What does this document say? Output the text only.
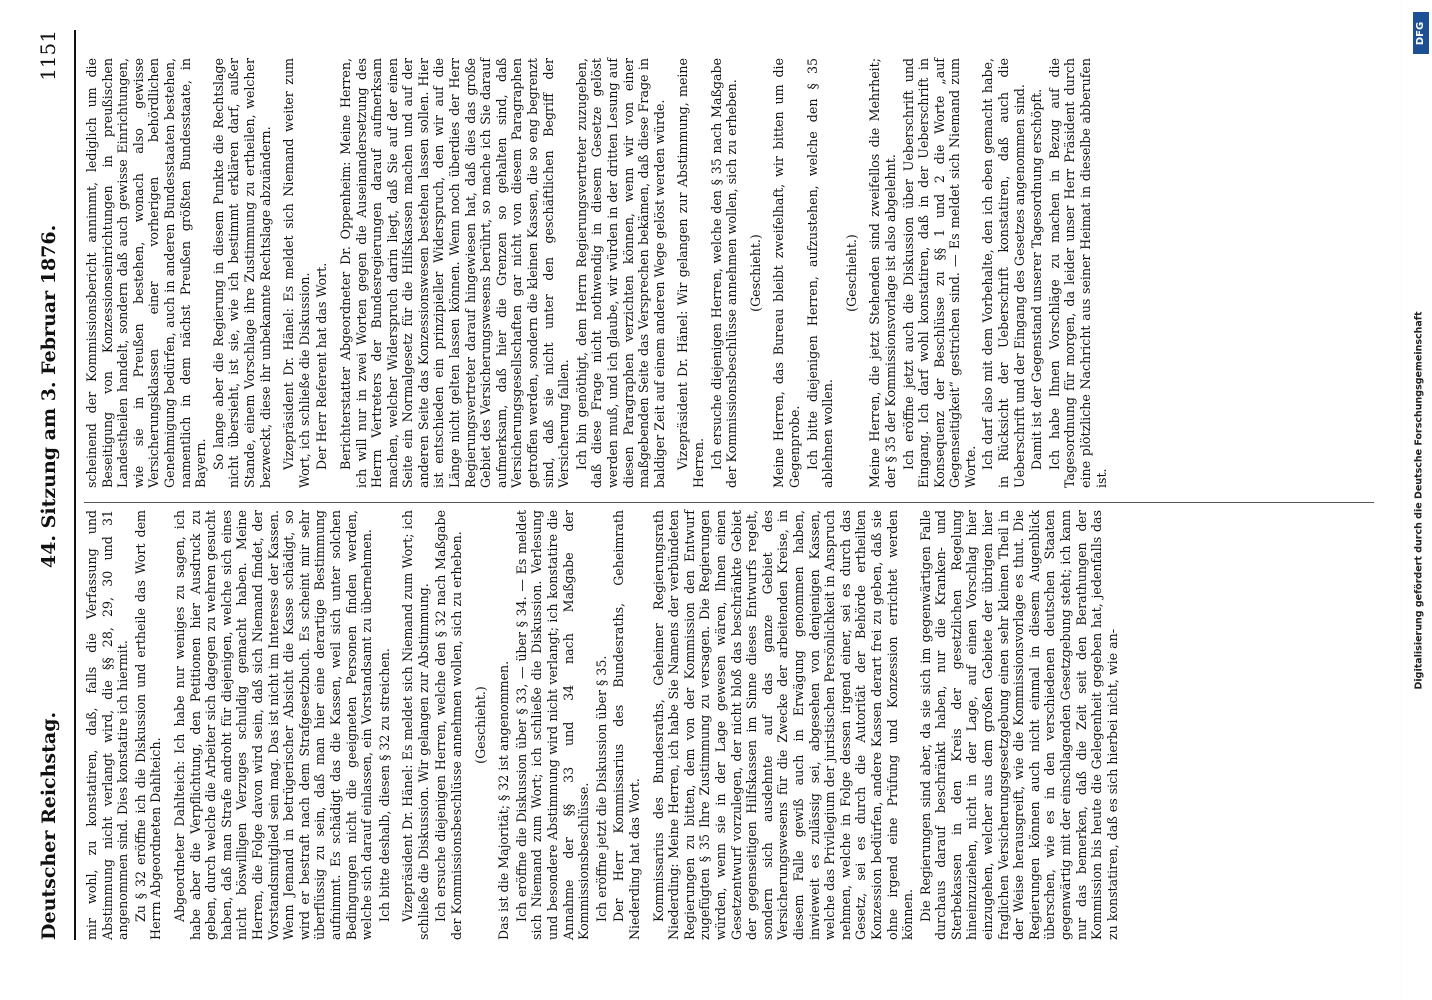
Deutscher Reichstag.
44. Sitzung am 3. Februar 1876.
1151

mir wohl, zu konstatiren, daß, falls die Verfassung und Abstimmung nicht verlangt wird, die §§ 28, 29, 30 und 31 angenommen sind. Dies konstatire ich hiermit. Zu § 32 eröffne ich die Diskussion und ertheile das Wort dem Herrn Abgeordneten Dahlteich. Abgeordneter Dahlteich: Ich habe nur weniges zu sagen, ich habe aber die Verpflichtung, den Petitionen hier Ausdruck zu geben, durch welche die Arbeiter sich dagegen zu wehren gesucht haben, daß man Strafe androht für diejenigen, welche sich eines nicht böswilligen Verzuges schuldig gemacht haben. Meine Herren, die Folge davon wird sein, daß sich Niemand findet, der Vorstandsmitglied sein mag. Das ist nicht im Interesse der Kassen. Wenn Jemand in betrügerischer Absicht die Kasse schädigt, so wird er bestraft nach dem Strafgesetzbuch. Es scheint mir sehr überflüssig zu sein, daß man hier eine derartige Bestimmung aufnimmt. Es schädigt das die Kassen, weil sich unter solchen Bedingungen nicht die geeigneten Personen finden werden, welche sich darauf einlassen, ein Vorstandsamt zu übernehmen. Ich bitte deshalb, diesen § 32 zu streichen. Vizepräsident Dr. Hänel: Es meldet sich Niemand zum Wort; ich schließe die Diskussion. Wir gelangen zur Abstimmung. Ich ersuche diejenigen Herren, welche den § 32 nach Maßgabe der Kommissionsbeschlüsse annehmen wollen, sich zu erheben. (Geschieht.) Das ist die Majorität; § 32 ist angenommen. Ich eröffne die Diskussion über § 33, — über § 34. — Es meldet sich Niemand zum Wort; ich schließe die Diskussion. Verlesung und besondere Abstimmung wird nicht verlangt; ich konstatire die Annahme der §§ 33 und 34 nach Maßgabe der Kommissionsbeschlüsse. Ich eröffne jetzt die Diskussion über § 35. Der Herr Kommissarius des Bundesraths, Geheimrath Niederding hat das Wort. Kommissarius des Bundesraths, Geheimer Regierungsrath Niederding: Meine Herren, ich habe Sie Namens der verbündeten Regierungen zu bitten, dem von der Kommission den Entwurf zugefügten § 35 Ihre Zustimmung zu versagen. Die Regierungen würden, wenn sie in der Lage gewesen wären, Ihnen einen Gesetzentwurf vorzulegen, der nicht bloß das beschränkte Gebiet der gegenseitigen Hilfskassen im Sinne dieses Entwurfs regelt, sondern sich ausdehnte auf das ganze Gebiet des Versicherungswesens für die Zwecke der arbeitenden Kreise, in diesem Falle gewiß auch in Erwägung genommen haben, inwieweit es zulässig sei, abgesehen von denjenigen Kassen, welche das Privilegium der juristischen Persönlichkeit in Anspruch nehmen, welche in Folge dessen irgend einer, sei es durch das Gesetz, sei es durch die Autorität der Behörde ertheilten Konzession bedürfen, andere Kassen derart frei zu geben, daß sie ohne irgend eine Prüfung und Konzession errichtet werden können. Die Regierungen sind aber, da sie sich im gegenwärtigen Falle durchaus darauf beschränkt haben, nur die Kranken- und Sterbekassen in den Kreis der gesetzlichen Regelung hineinzuziehen, nicht in der Lage, auf einen Vorschlag hier einzugehen, welcher aus dem großen Gebiete der übrigen hier fraglichen Versicherungsgesetzgebung einen sehr kleinen Theil in der Weise herausgreift, wie die Kommissionsvorlage es thut. Die Regierungen können auch nicht einmal in diesem Augenblick überschen, wie es in den verschiedenen deutschen Staaten gegenwärtig mit der einschlagenden Gesetzgebung steht; ich kann nur das bemerken, daß die Zeit seit den Berathungen der Kommission bis heute die Gelegenheit gegeben hat, jedenfalls das zu konstatiren, daß es sich hierbei nicht, wie an-

scheinend der Kommissionsbericht annimmt, lediglich um die Beseitigung von Konzessionseinrichtungen in preußischen Landestheilen handelt, sondern daß auch gewisse Einrichtungen, wie sie in Preußen bestehen, wonach also gewisse Versicherungsklassen einer vorherigen behördlichen Genehmigung bedürfen, auch in anderen Bundesstaaten bestehen, namentlich in dem nächst Preußen größten Bundesstaate, in Bayern. So lange aber die Regierung in diesem Punkte die Rechtslage nicht übersieht, ist sie, wie ich bestimmt erklären darf, außer Stande, einem Vorschlage ihre Zustimmung zu ertheilen, welcher bezweckt, diese ihr unbekannte Rechtslage abzuändern. Vizepräsident Dr. Hänel: Es meldet sich Niemand weiter zum Wort, ich schließe die Diskussion. Der Herr Referent hat das Wort. Berichterstatter Abgeordneter Dr. Oppenheim: Meine Herren, ich will nur in zwei Worten gegen die Auseinandersetzung des Herrn Vertreters der Bundesregierungen darauf aufmerksam machen, welcher Widerspruch darin liegt, daß Sie auf der einen Seite ein Normalgesetz für die Hilfskassen machen und auf der anderen Seite das Konzessionswesen bestehen lassen sollen. Hier ist entschieden ein prinzipieller Widerspruch, den wir auf die Länge nicht gelten lassen können. Wenn noch überdies der Herr Regierungsvertreter darauf hingewiesen hat, daß dies das große Gebiet des Versicherungswesens berührt, so mache ich Sie darauf aufmerksam, daß hier die Grenzen so gehalten sind, daß Versicherungsgesellschaften gar nicht von diesem Paragraphen getroffen werden, sondern die kleinen Kassen, die so eng begrenzt sind, daß sie nicht unter den geschäftlichen Begriff der Versicherung fallen. Ich bin genöthigt, dem Herrn Regierungsvertreter zuzugeben, daß diese Frage nicht nothwendig in diesem Gesetze gelöst werden muß, und ich glaube, wir würden in der dritten Lesung auf diesen Paragraphen verzichten können, wenn wir von einer maßgebenden Seite das Versprechen bekämen, daß diese Frage in baldiger Zeit auf einem anderen Wege gelöst werden würde. Vizepräsident Dr. Hänel: Wir gelangen zur Abstimmung, meine Herren. Ich ersuche diejenigen Herren, welche den § 35 nach Maßgabe der Kommissionsbeschlüsse annehmen wollen, sich zu erheben. (Geschieht.) Meine Herren, das Bureau bleibt zweifelhaft, wir bitten um die Gegenprobe. Ich bitte diejenigen Herren, aufzustehen, welche den § 35 ablehnen wollen.

(Geschieht.) Meine Herren, die jetzt Stehenden sind zweifellos die Mehrheit; der § 35 der Kommissionsvorlage ist also abgelehnt. Ich eröffne jetzt auch die Diskussion über Ueberschrift und Eingang. Ich darf wohl konstatiren, daß in der Ueberschrift in Konsequenz der Beschlüsse zu §§ 1 und 2 die Worte „auf Gegenseitigkeit“ gestrichen sind. — Es meldet sich Niemand zum Worte. Ich darf also mit dem Vorbehalte, den ich eben gemacht habe, in Rücksicht der Ueberschrift konstatiren, daß auch die Ueberschrift und der Eingang des Gesetzes angenommen sind. Damit ist der Gegenstand unserer Tagesordnung erschöpft. Ich habe Ihnen Vorschläge zu machen in Bezug auf die Tagesordnung für morgen, da leider unser Herr Präsident durch eine plötzliche Nachricht aus seiner Heimat in dieselbe abberufen ist.	Digitalisierung gefördert durch die Deutsche Forschungsgemeinschaft
DFG
